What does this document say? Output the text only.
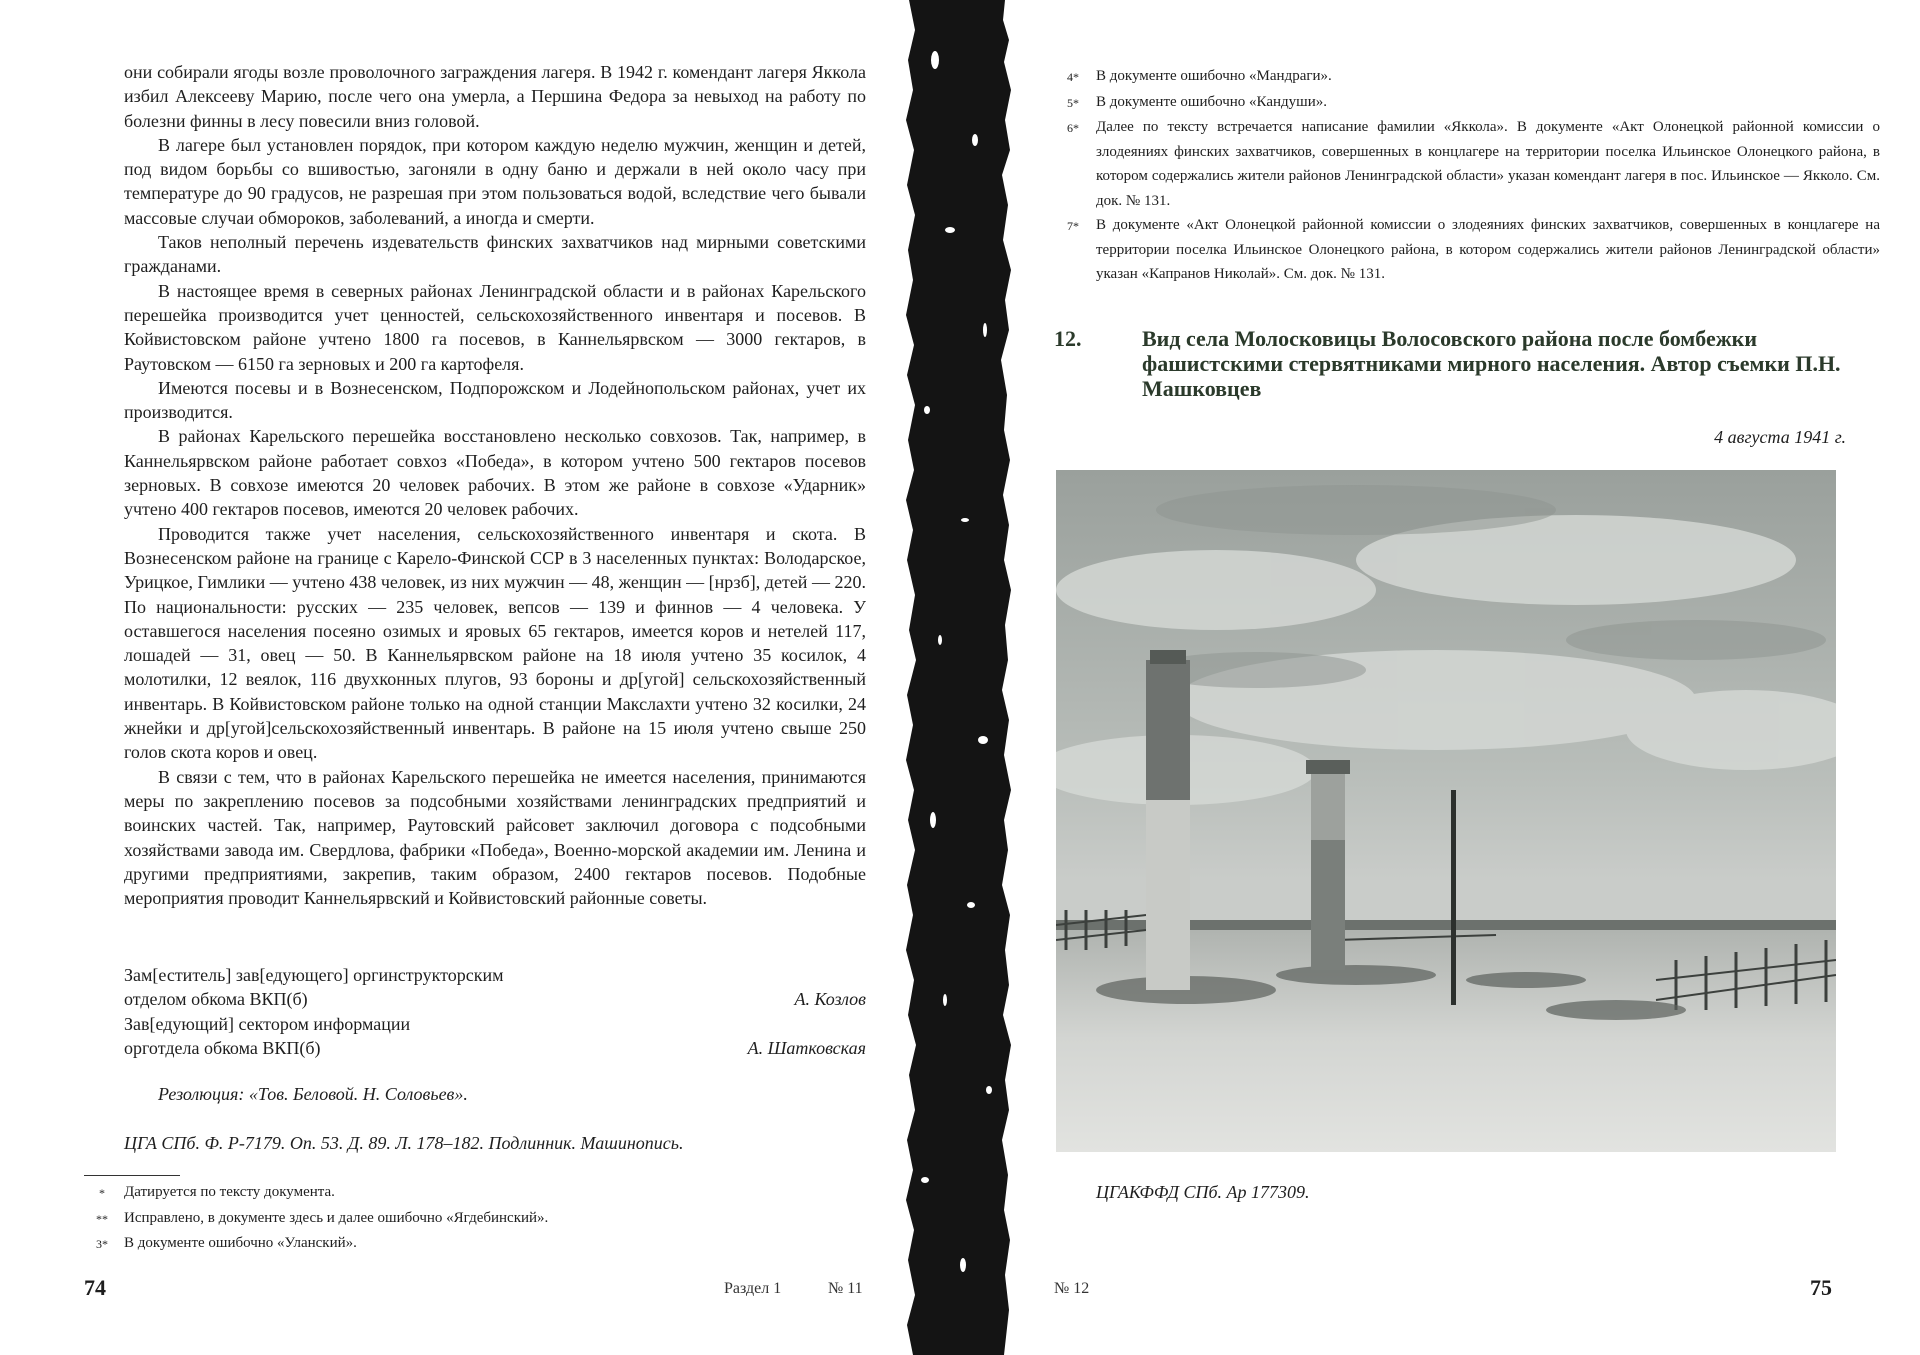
они собирали ягоды возле проволочного заграждения лагеря. В 1942 г. комендант лагеря Яккола избил Алексееву Марию, после чего она умерла, а Першина Федора за невыход на работу по болезни финны в лесу повесили вниз головой.

В лагере был установлен порядок, при котором каждую неделю мужчин, женщин и детей, под видом борьбы со вшивостью, загоняли в одну баню и держали в ней около часу при температуре до 90 градусов, не разрешая при этом пользоваться водой, вследствие чего бывали массовые случаи обмороков, заболеваний, а иногда и смерти.

Таков неполный перечень издевательств финских захватчиков над мирными советскими гражданами.

В настоящее время в северных районах Ленинградской области и в районах Карельского перешейка производится учет ценностей, сельскохозяйственного инвентаря и посевов. В Койвистовском районе учтено 1800 га посевов, в Каннельярвском — 3000 гектаров, в Раутовском — 6150 га зерновых и 200 га картофеля.

Имеются посевы и в Вознесенском, Подпорожском и Лодейнопольском районах, учет их производится.

В районах Карельского перешейка восстановлено несколько совхозов. Так, например, в Каннельярвском районе работает совхоз «Победа», в котором учтено 500 гектаров посевов зерновых. В совхозе имеются 20 человек рабочих. В этом же районе в совхозе «Ударник» учтено 400 гектаров посевов, имеются 20 человек рабочих.

Проводится также учет населения, сельскохозяйственного инвентаря и скота. В Вознесенском районе на границе с Карело-Финской ССР в 3 населенных пунктах: Володарское, Урицкое, Гимлики — учтено 438 человек, из них мужчин — 48, женщин — [нрзб], детей — 220. По национальности: русских — 235 человек, вепсов — 139 и финнов — 4 человека. У оставшегося населения посеяно озимых и яровых 65 гектаров, имеется коров и нетелей 117, лошадей — 31, овец — 50. В Каннельярвском районе на 18 июля учтено 35 косилок, 4 молотилки, 12 веялок, 116 двухконных плугов, 93 бороны и др[угой] сельскохозяйственный инвентарь. В Койвистовском районе только на одной станции Макслахти учтено 32 косилки, 24 жнейки и др[угой]сельскохозяйственный инвентарь. В районе на 15 июля учтено свыше 250 голов скота коров и овец.

В связи с тем, что в районах Карельского перешейка не имеется населения, принимаются меры по закреплению посевов за подсобными хозяйствами ленинградских предприятий и воинских частей. Так, например, Раутовский райсовет заключил договора с подсобными хозяйствами завода им. Свердлова, фабрики «Победа», Военно-морской академии им. Ленина и другими предприятиями, закрепив, таким образом, 2400 гектаров посевов. Подобные мероприятия проводит Каннельярвский и Койвистовский районные советы.

Зам[еститель] зав[едующего] оргинструкторским
отделом обкома ВКП(б)	А. Козлов
Зав[едующий] сектором информации
орготдела обкома ВКП(б)	А. Шатковская
Резолюция: «Тов. Беловой. Н. Соловьев».
ЦГА СПб. Ф. Р-7179. Оп. 53. Д. 89. Л. 178–182. Подлинник. Машинопись.
*	Датируется по тексту документа.
**	Исправлено, в документе здесь и далее ошибочно «Ягдебинский».
3*	В документе ошибочно «Уланский».
74	Раздел 1	№ 11
4*	В документе ошибочно «Мандраги».
5*	В документе ошибочно «Кандуши».
6*	Далее по тексту встречается написание фамилии «Яккола». В документе «Акт Олонецкой районной комиссии о злодеяниях финских захватчиков, совершенных в концлагере на территории поселка Ильинское Олонецкого района, в котором содержались жители районов Ленинградской области» указан комендант лагеря в пос. Ильинское — Якколо. См. док. № 131.
7*	В документе «Акт Олонецкой районной комиссии о злодеяниях финских захватчиков, совершенных в концлагере на территории поселка Ильинское Олонецкого района, в котором содержались жители районов Ленинградской области» указан «Капранов Николай». См. док. № 131.
12.	Вид села Молосковицы Волосовского района после бомбежки фашистскими стервятниками мирного населения. Автор съемки П.Н. Машковцев
4 августа 1941 г.
ЦГАКФФД СПб. Ар 177309.
№ 12	75
